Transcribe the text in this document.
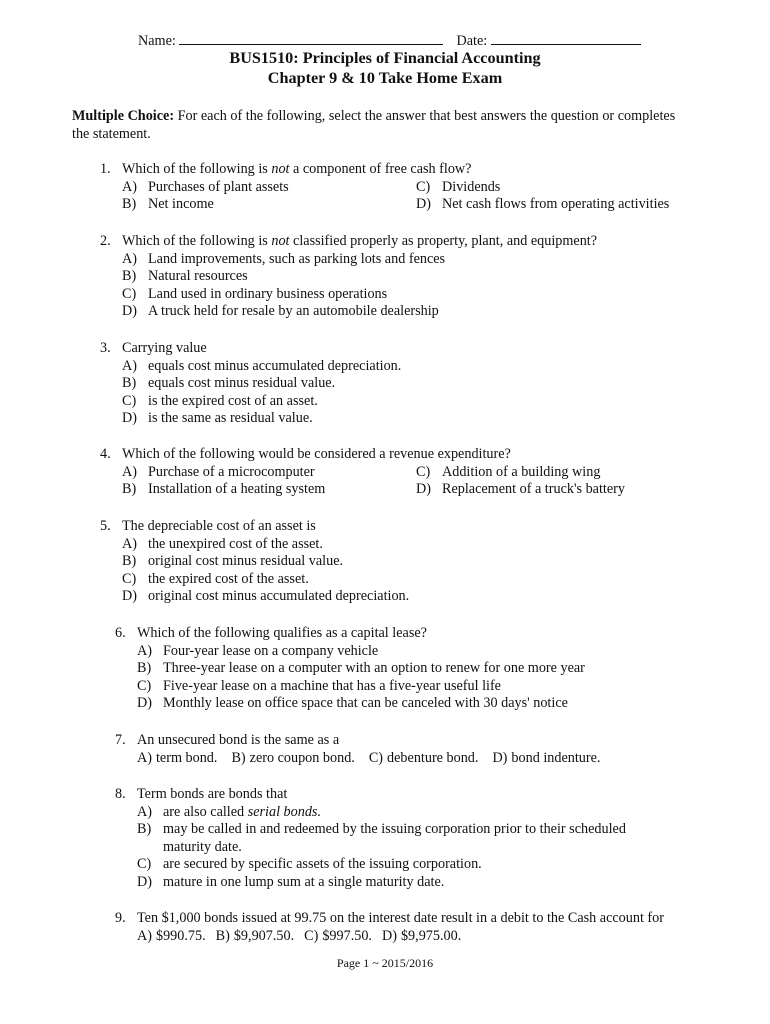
Name:	Date:
BUS1510: Principles of Financial Accounting
Chapter 9 & 10 Take Home Exam
Multiple Choice: For each of the following, select the answer that best answers the question or completes the statement.
1. Which of the following is not a component of free cash flow?
A) Purchases of plant assets
B) Net income
C) Dividends
D) Net cash flows from operating activities
2. Which of the following is not classified properly as property, plant, and equipment?
A) Land improvements, such as parking lots and fences
B) Natural resources
C) Land used in ordinary business operations
D) A truck held for resale by an automobile dealership
3. Carrying value
A) equals cost minus accumulated depreciation.
B) equals cost minus residual value.
C) is the expired cost of an asset.
D) is the same as residual value.
4. Which of the following would be considered a revenue expenditure?
A) Purchase of a microcomputer
B) Installation of a heating system
C) Addition of a building wing
D) Replacement of a truck's battery
5. The depreciable cost of an asset is
A) the unexpired cost of the asset.
B) original cost minus residual value.
C) the expired cost of the asset.
D) original cost minus accumulated depreciation.
6. Which of the following qualifies as a capital lease?
A) Four-year lease on a company vehicle
B) Three-year lease on a computer with an option to renew for one more year
C) Five-year lease on a machine that has a five-year useful life
D) Monthly lease on office space that can be canceled with 30 days' notice
7. An unsecured bond is the same as a
A) term bond. B) zero coupon bond. C) debenture bond. D) bond indenture.
8. Term bonds are bonds that
A) are also called serial bonds.
B) may be called in and redeemed by the issuing corporation prior to their scheduled
maturity date.
C) are secured by specific assets of the issuing corporation.
D) mature in one lump sum at a single maturity date.
9. Ten $1,000 bonds issued at 99.75 on the interest date result in a debit to the Cash account for
A) $990.75. B) $9,907.50. C) $997.50. D) $9,975.00.
Page 1 ~ 2015/2016
